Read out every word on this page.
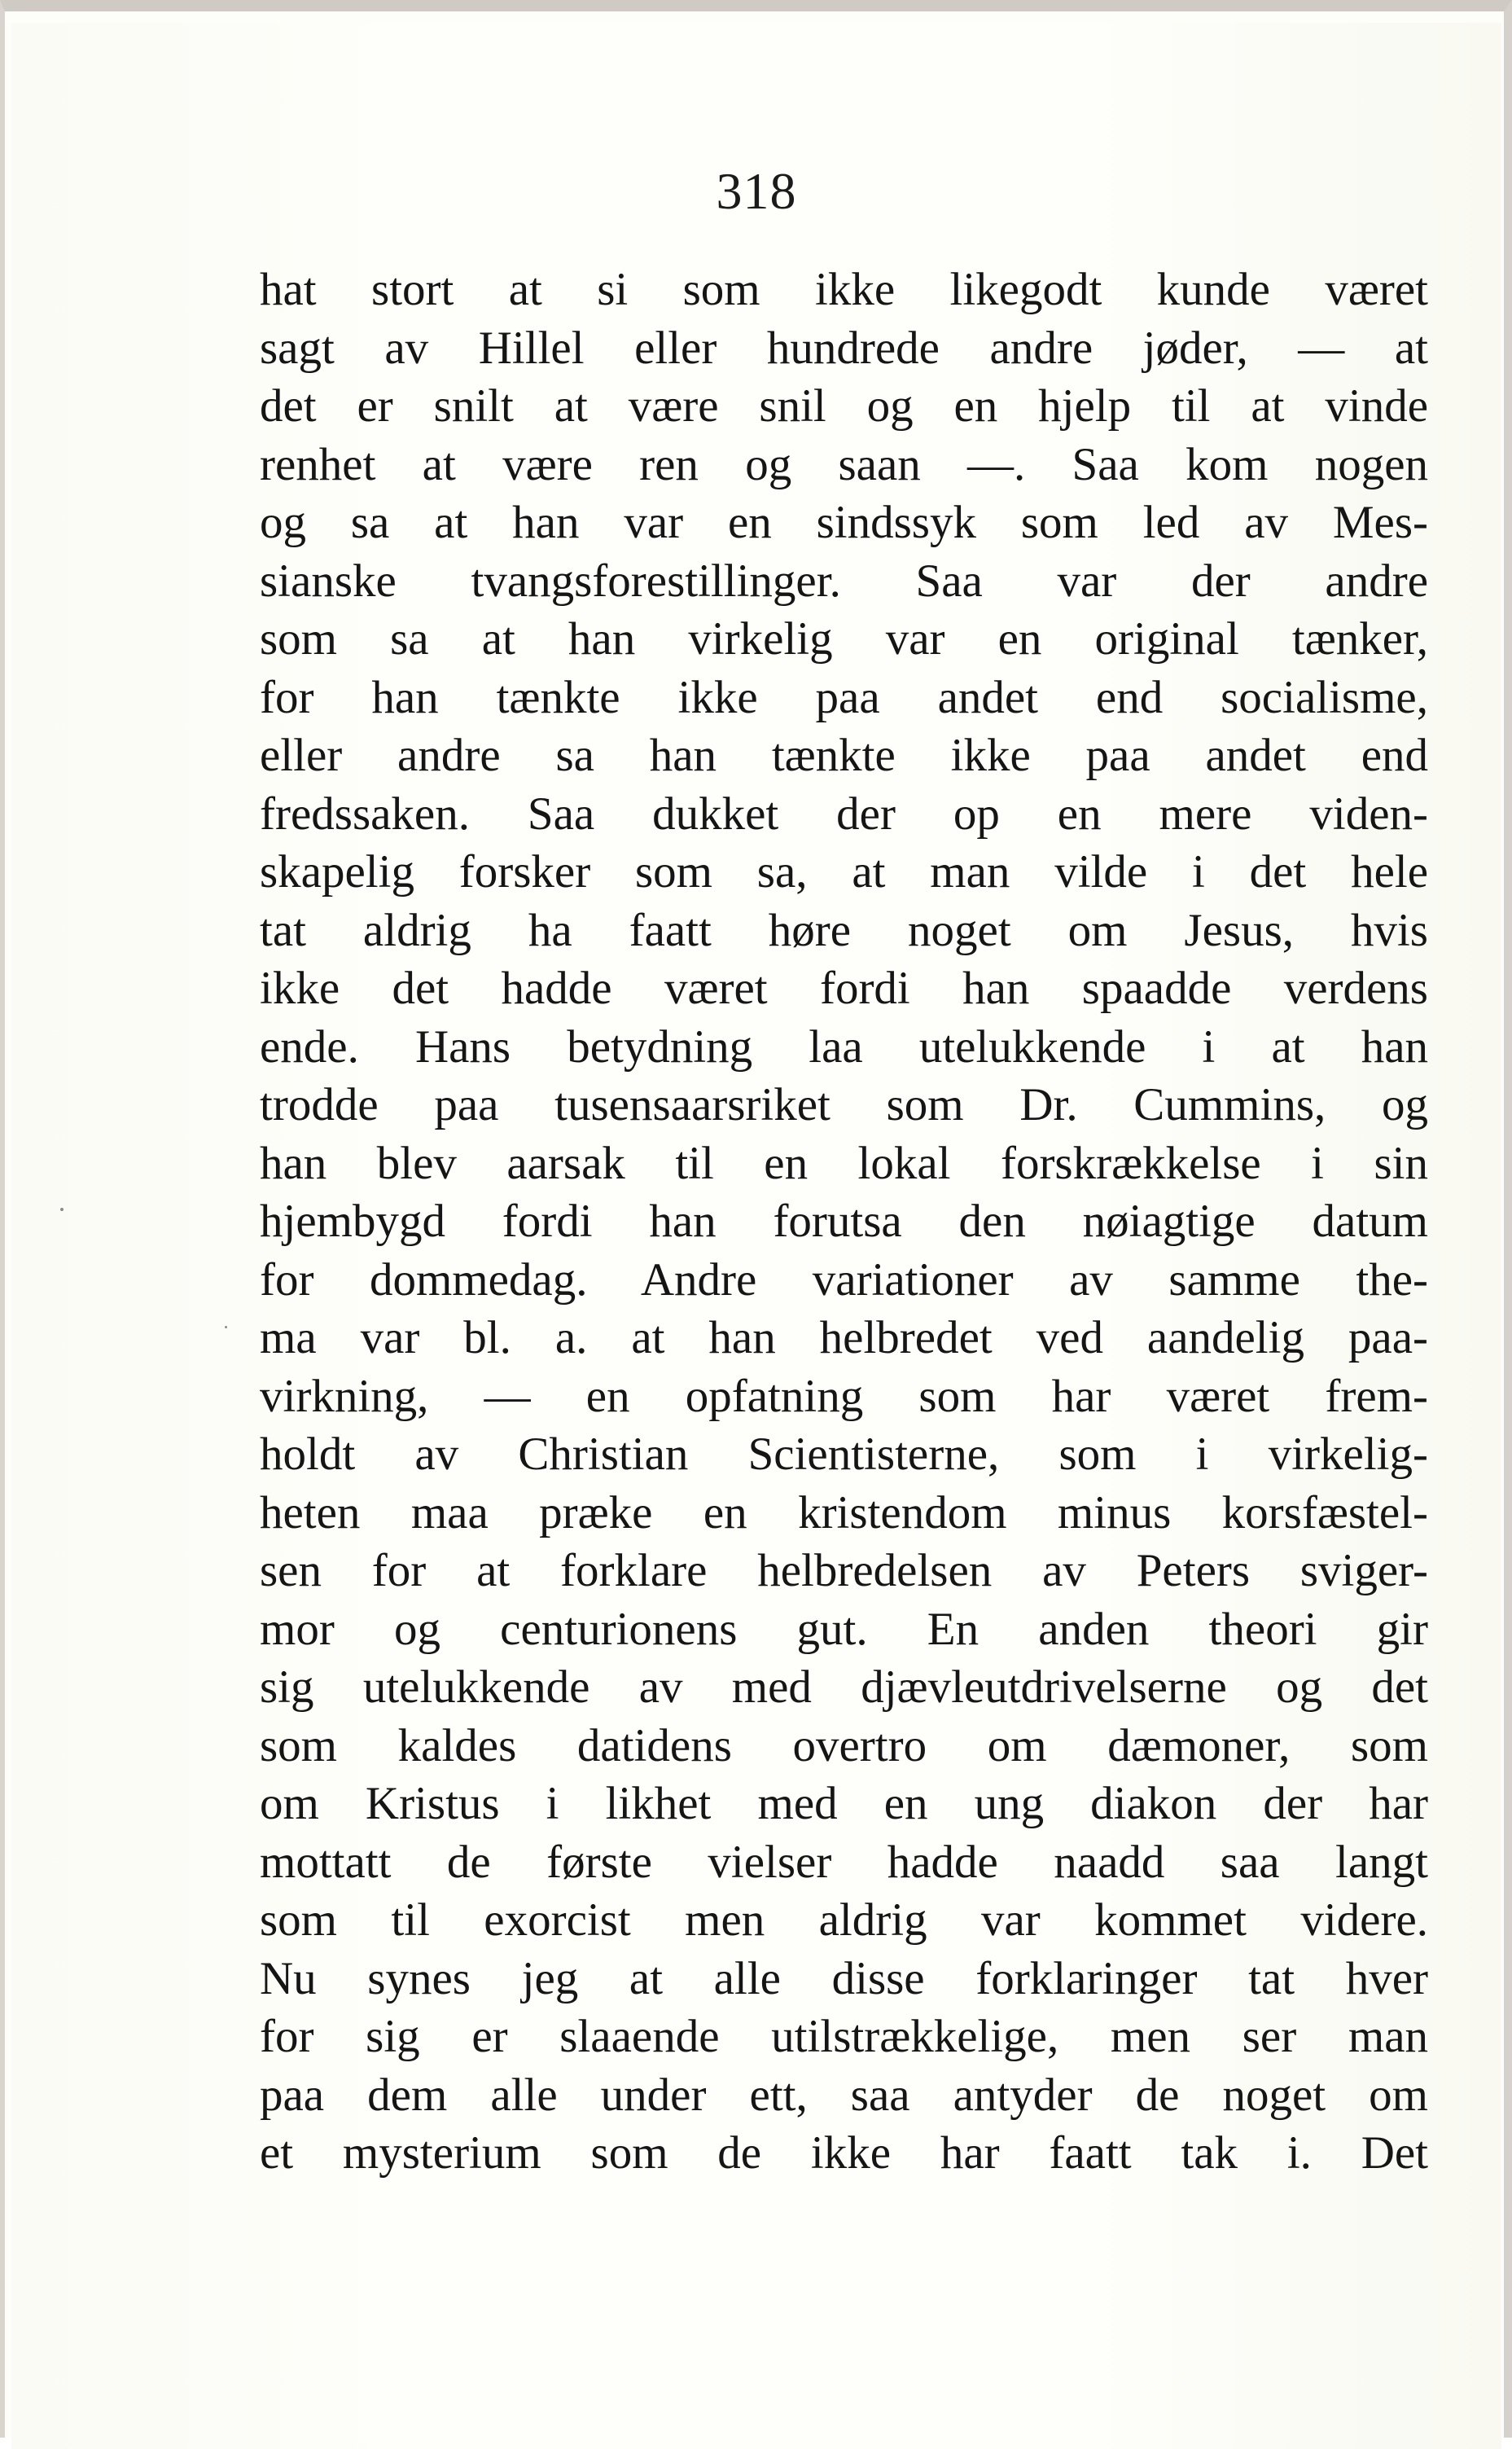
318
hat stort at si som ikke likegodt kunde været
sagt av Hillel eller hundrede andre jøder, — at
det er snilt at være snil og en hjelp til at vinde
renhet at være ren og saan —. Saa kom nogen
og sa at han var en sindssyk som led av Mes-
sianske tvangsforestillinger. Saa var der andre
som sa at han virkelig var en original tænker,
for han tænkte ikke paa andet end socialisme,
eller andre sa han tænkte ikke paa andet end
fredssaken. Saa dukket der op en mere viden-
skapelig forsker som sa, at man vilde i det hele
tat aldrig ha faatt høre noget om Jesus, hvis
ikke det hadde været fordi han spaadde verdens
ende. Hans betydning laa utelukkende i at han
trodde paa tusensaarsriket som Dr. Cummins, og
han blev aarsak til en lokal forskrækkelse i sin
hjembygd fordi han forutsa den nøiagtige datum
for dommedag. Andre variationer av samme the-
ma var bl. a. at han helbredet ved aandelig paa-
virkning, — en opfatning som har været frem-
holdt av Christian Scientisterne, som i virkelig-
heten maa præke en kristendom minus korsfæstel-
sen for at forklare helbredelsen av Peters sviger-
mor og centurionens gut. En anden theori gir
sig utelukkende av med djævleutdrivelserne og det
som kaldes datidens overtro om dæmoner, som
om Kristus i likhet med en ung diakon der har
mottatt de første vielser hadde naadd saa langt
som til exorcist men aldrig var kommet videre.
Nu synes jeg at alle disse forklaringer tat hver
for sig er slaaende utilstrækkelige, men ser man
paa dem alle under ett, saa antyder de noget om
et mysterium som de ikke har faatt tak i. Det
